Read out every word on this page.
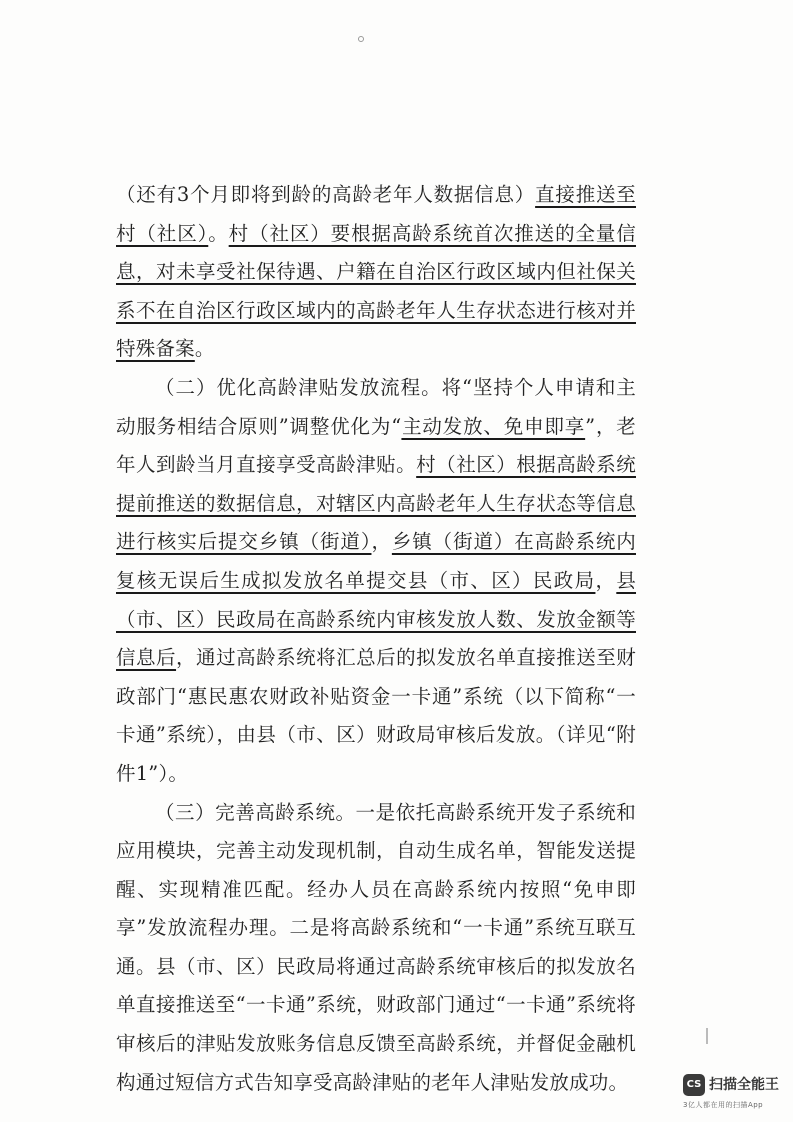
（还有3个月即将到龄的高龄老年人数据信息）直接推送至村（社区）。村（社区）要根据高龄系统首次推送的全量信息，对未享受社保待遇、户籍在自治区行政区域内但社保关系不在自治区行政区域内的高龄老年人生存状态进行核对并特殊备案。

（二）优化高龄津贴发放流程。将“坚持个人申请和主动服务相结合原则”调整优化为“主动发放、免申即享”，老年人到龄当月直接享受高龄津贴。村（社区）根据高龄系统提前推送的数据信息，对辖区内高龄老年人生存状态等信息进行核实后提交乡镇（街道），乡镇（街道）在高龄系统内复核无误后生成拟发放名单提交县（市、区）民政局，县（市、区）民政局在高龄系统内审核发放人数、发放金额等信息后，通过高龄系统将汇总后的拟发放名单直接推送至财政部门“惠民惠农财政补贴资金一卡通”系统（以下简称“一卡通”系统），由县（市、区）财政局审核后发放。（详见“附件1”）。

（三）完善高龄系统。一是依托高龄系统开发子系统和应用模块，完善主动发现机制，自动生成名单，智能发送提醒、实现精准匹配。经办人员在高龄系统内按照“免申即享”发放流程办理。二是将高龄系统和“一卡通”系统互联互通。县（市、区）民政局将通过高龄系统审核后的拟发放名单直接推送至“一卡通”系统，财政部门通过“一卡通”系统将审核后的津贴发放账务信息反馈至高龄系统，并督促金融机构通过短信方式告知享受高龄津贴的老年人津贴发放成功。	CS 扫描全能王
3亿人都在用的扫描App
